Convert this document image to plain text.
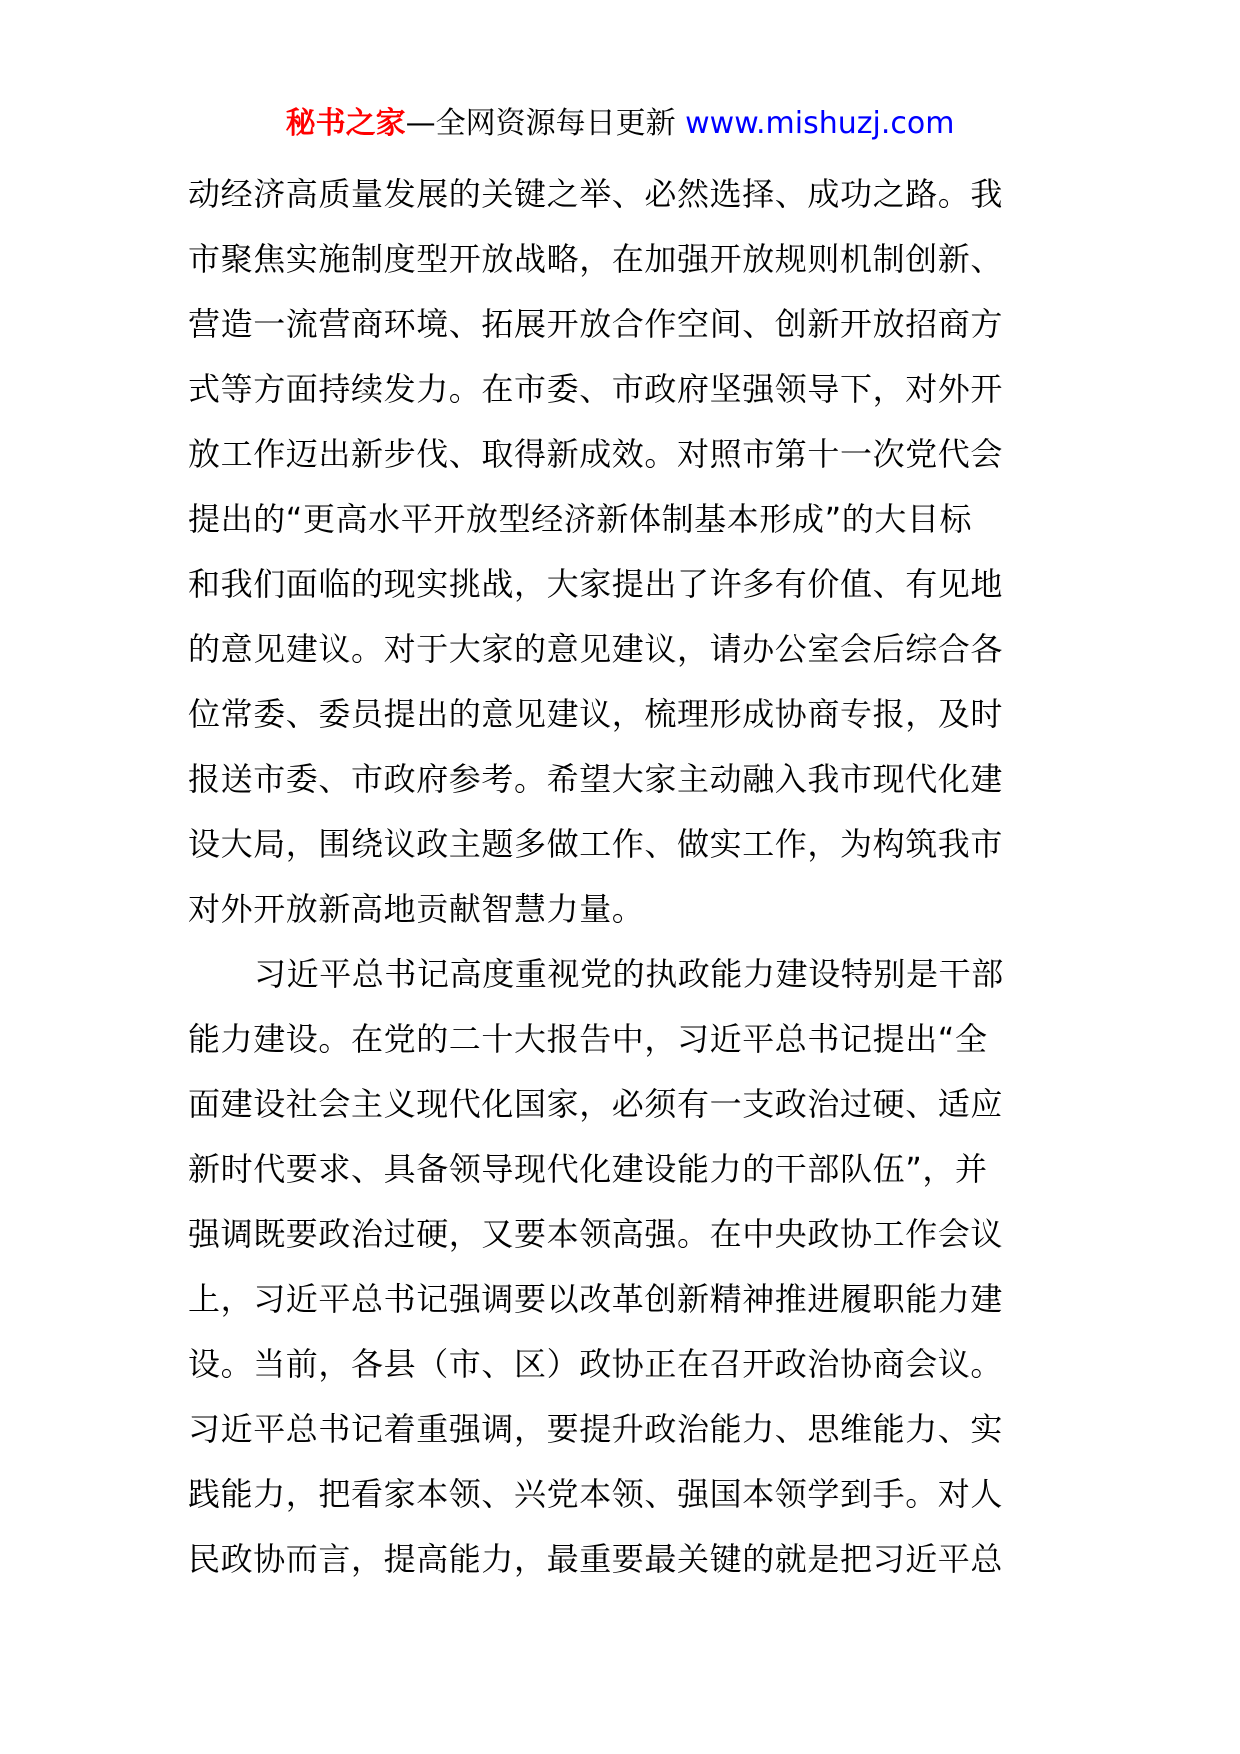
秘书之家—全网资源每日更新 www.mishuzj.com
动经济高质量发展的关键之举、必然选择、成功之路。我
市聚焦实施制度型开放战略，在加强开放规则机制创新、
营造一流营商环境、拓展开放合作空间、创新开放招商方
式等方面持续发力。在市委、市政府坚强领导下，对外开
放工作迈出新步伐、取得新成效。对照市第十一次党代会
提出的“更高水平开放型经济新体制基本形成”的大目标
和我们面临的现实挑战，大家提出了许多有价值、有见地
的意见建议。对于大家的意见建议，请办公室会后综合各
位常委、委员提出的意见建议，梳理形成协商专报，及时
报送市委、市政府参考。希望大家主动融入我市现代化建
设大局，围绕议政主题多做工作、做实工作，为构筑我市
对外开放新高地贡献智慧力量。
习近平总书记高度重视党的执政能力建设特别是干部
能力建设。在党的二十大报告中，习近平总书记提出“全
面建设社会主义现代化国家，必须有一支政治过硬、适应
新时代要求、具备领导现代化建设能力的干部队伍”，并
强调既要政治过硬，又要本领高强。在中央政协工作会议
上，习近平总书记强调要以改革创新精神推进履职能力建
设。当前，各县（市、区）政协正在召开政治协商会议。
习近平总书记着重强调，要提升政治能力、思维能力、实
践能力，把看家本领、兴党本领、强国本领学到手。对人
民政协而言，提高能力，最重要最关键的就是把习近平总
